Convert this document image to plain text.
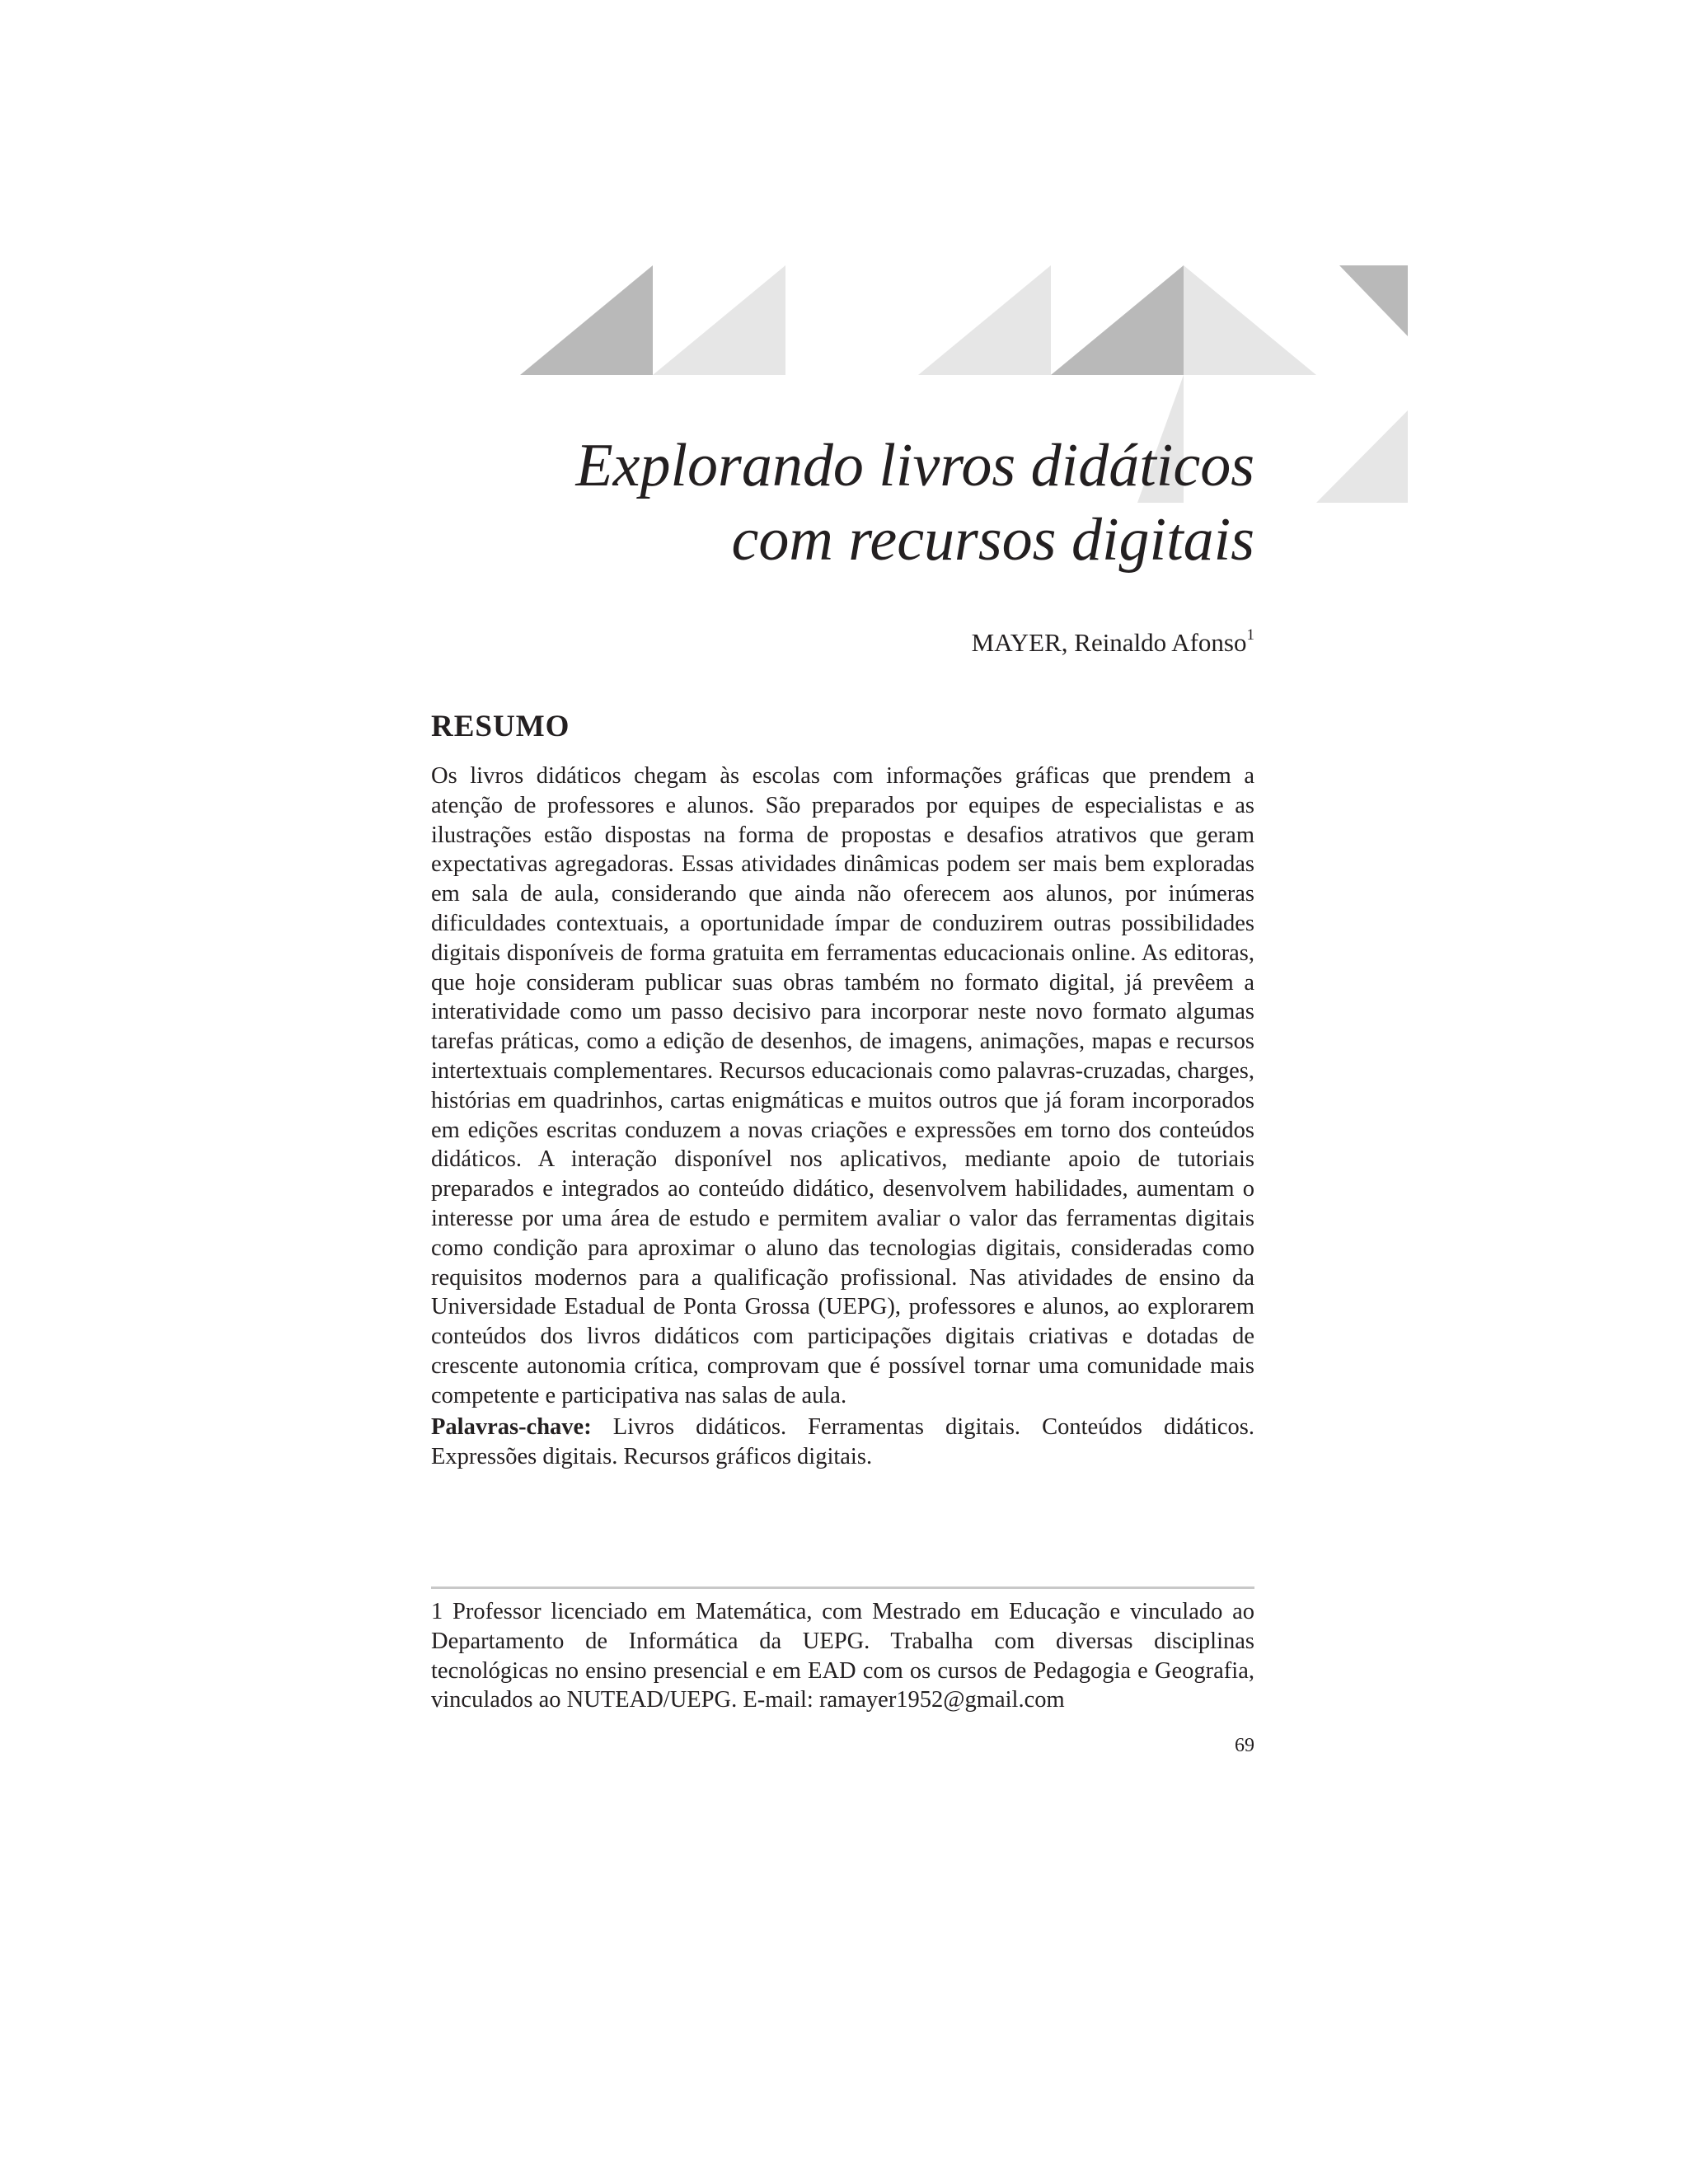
Explorando livros didáticos
com recursos digitais
MAYER, Reinaldo Afonso$^1$
RESUMO

Os livros didáticos chegam às escolas com informações gráficas que prendem a atenção de professores e alunos. São preparados por equipes de especialistas e as ilustrações estão dispostas na forma de propostas e desafios atrativos que geram expectativas agregadoras. Essas atividades dinâmicas podem ser mais bem exploradas em sala de aula, considerando que ainda não oferecem aos alunos, por inúmeras dificuldades contextuais, a oportunidade ímpar de conduzirem outras possibilidades digitais disponíveis de forma gratuita em ferramentas educacionais online. As editoras, que hoje consideram publicar suas obras também no formato digital, já prevêem a interatividade como um passo decisivo para incorporar neste novo formato algumas tarefas práticas, como a edição de desenhos, de imagens, animações, mapas e recursos intertextuais complementares. Recursos educacionais como palavras-cruzadas, charges, histórias em quadrinhos, cartas enigmáticas e muitos outros que já foram incorporados em edições escritas conduzem a novas criações e expressões em torno dos conteúdos didáticos. A interação disponível nos aplicativos, mediante apoio de tutoriais preparados e integrados ao conteúdo didático, desenvolvem habilidades, aumentam o interesse por uma área de estudo e permitem avaliar o valor das ferramentas digitais como condição para aproximar o aluno das tecnologias digitais, consideradas como requisitos modernos para a qualificação profissional. Nas atividades de ensino da Universidade Estadual de Ponta Grossa (UEPG), professores e alunos, ao explorarem conteúdos dos livros didáticos com participações digitais criativas e dotadas de crescente autonomia crítica, comprovam que é possível tornar uma comunidade mais competente e participativa nas salas de aula.

Palavras-chave: Livros didáticos. Ferramentas digitais. Conteúdos didáticos. Expressões digitais. Recursos gráficos digitais.

1 Professor licenciado em Matemática, com Mestrado em Educação e vinculado ao Departamento de Informática da UEPG. Trabalha com diversas disciplinas tecnológicas no ensino presencial e em EAD com os cursos de Pedagogia e Geografia, vinculados ao NUTEAD/UEPG. E-mail: ramayer1952@gmail.com

69
